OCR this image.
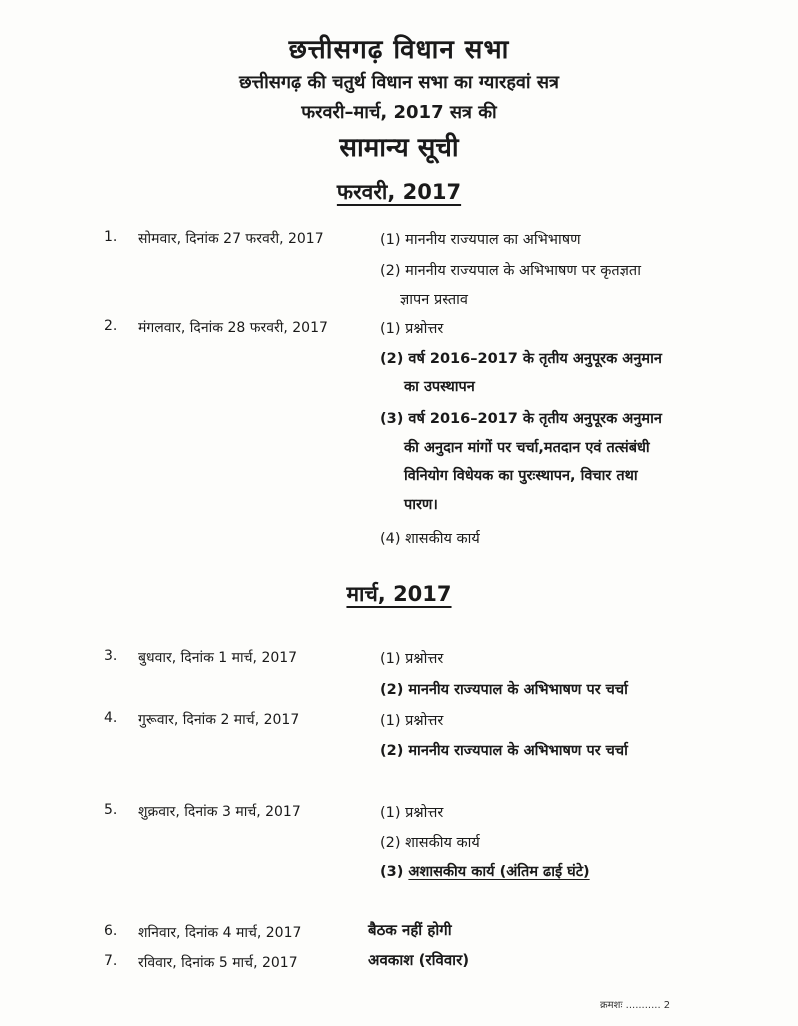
छत्तीसगढ़ विधान सभा
छत्तीसगढ़ की चतुर्थ विधान सभा का ग्यारहवां सत्र
फरवरी–मार्च, 2017 सत्र की
सामान्य सूची
फरवरी, 2017
1. सोमवार, दिनांक 27 फरवरी, 2017	(1) माननीय राज्यपाल का अभिभाषण
(2) माननीय राज्यपाल के अभिभाषण पर कृतज्ञता
ज्ञापन प्रस्ताव
2. मंगलवार, दिनांक 28 फरवरी, 2017	(1) प्रश्नोत्तर
(2) वर्ष 2016–2017 के तृतीय अनुपूरक अनुमान
का उपस्थापन
(3) वर्ष 2016–2017 के तृतीय अनुपूरक अनुमान
की अनुदान मांगों पर चर्चा,मतदान एवं तत्संबंधी
विनियोग विधेयक का पुरःस्थापन, विचार तथा
पारण।
(4) शासकीय कार्य
मार्च, 2017
3. बुधवार, दिनांक 1 मार्च, 2017	(1) प्रश्नोत्तर
(2) माननीय राज्यपाल के अभिभाषण पर चर्चा
4. गुरूवार, दिनांक 2 मार्च, 2017	(1) प्रश्नोत्तर
(2) माननीय राज्यपाल के अभिभाषण पर चर्चा
5. शुक्रवार, दिनांक 3 मार्च, 2017	(1) प्रश्नोत्तर
(2) शासकीय कार्य
(3) अशासकीय कार्य (अंतिम ढाई घंटे)
6. शनिवार, दिनांक 4 मार्च, 2017	बैठक नहीं होगी
7. रविवार, दिनांक 5 मार्च, 2017	अवकाश (रविवार)
क्रमशः ........... 2
